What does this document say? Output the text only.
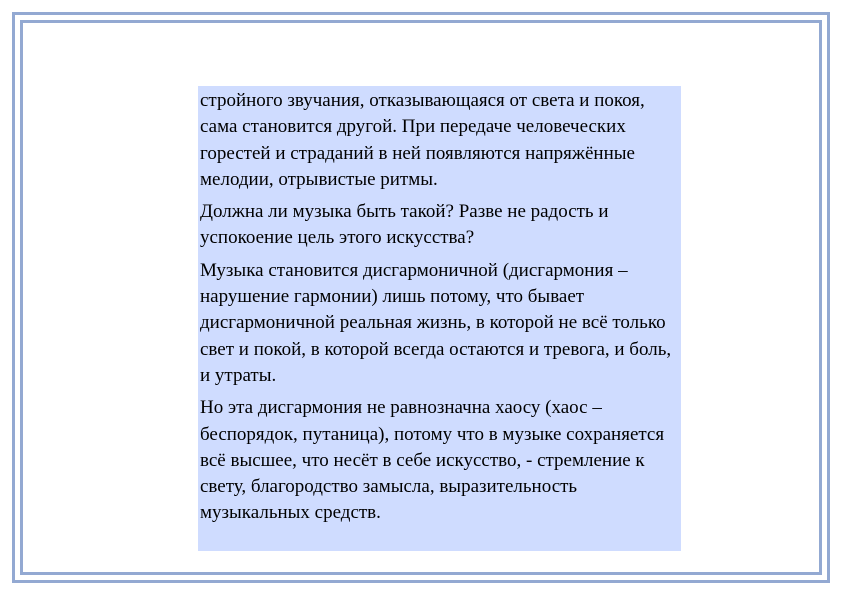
стройного звучания, отказывающаяся от света и покоя, сама становится другой. При передаче человеческих горестей и страданий в ней появляются напряжённые мелодии, отрывистые ритмы.

Должна ли музыка быть такой? Разве не радость и успокоение цель этого искусства?

Музыка становится дисгармоничной (дисгармония – нарушение гармонии) лишь потому, что бывает дисгармоничной реальная жизнь, в которой не всё только свет и покой, в которой всегда остаются и тревога, и боль, и утраты.

Но эта дисгармония не равнозначна хаосу (хаос – беспорядок, путаница), потому что в музыке сохраняется всё высшее, что несёт в себе искусство, - стремление к свету, благородство замысла, выразительность музыкальных средств.
